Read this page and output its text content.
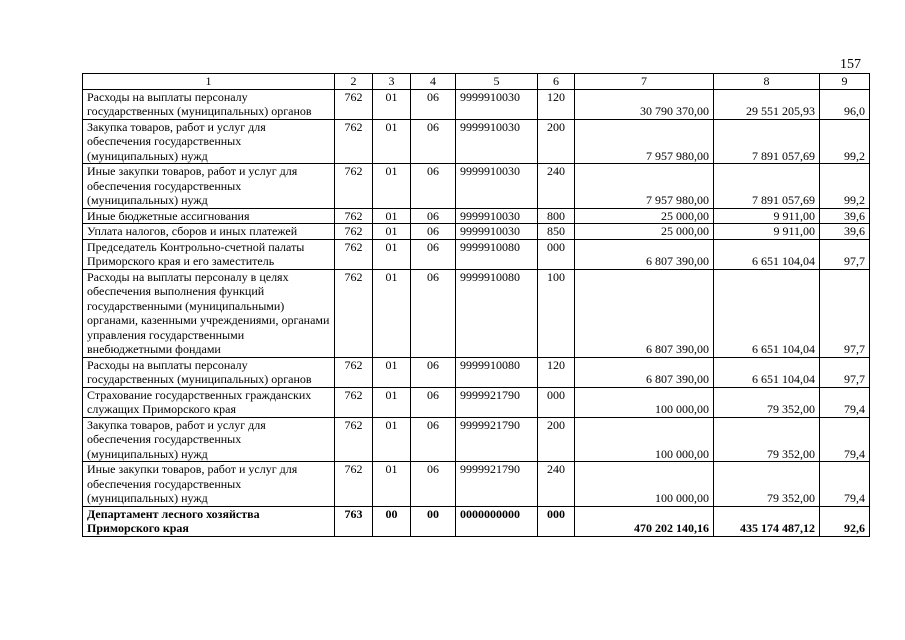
157
1	2	3	4	5	6	7	8	9
Расходы на выплаты персоналу государственных (муниципальных) органов	762	01	06	9999910030	120	30 790 370,00	29 551 205,93	96,0
Закупка товаров, работ и услуг для обеспечения государственных (муниципальных) нужд	762	01	06	9999910030	200	7 957 980,00	7 891 057,69	99,2
Иные закупки товаров, работ и услуг для обеспечения государственных (муниципальных) нужд	762	01	06	9999910030	240	7 957 980,00	7 891 057,69	99,2
Иные бюджетные ассигнования	762	01	06	9999910030	800	25 000,00	9 911,00	39,6
Уплата налогов, сборов и иных платежей	762	01	06	9999910030	850	25 000,00	9 911,00	39,6
Председатель Контрольно-счетной палаты Приморского края и его заместитель	762	01	06	9999910080	000	6 807 390,00	6 651 104,04	97,7
Расходы на выплаты персоналу в целях обеспечения выполнения функций государственными (муниципальными) органами, казенными учреждениями, органами управления государственными внебюджетными фондами	762	01	06	9999910080	100	6 807 390,00	6 651 104,04	97,7
Расходы на выплаты персоналу государственных (муниципальных) органов	762	01	06	9999910080	120	6 807 390,00	6 651 104,04	97,7
Страхование государственных гражданских служащих Приморского края	762	01	06	9999921790	000	100 000,00	79 352,00	79,4
Закупка товаров, работ и услуг для обеспечения государственных (муниципальных) нужд	762	01	06	9999921790	200	100 000,00	79 352,00	79,4
Иные закупки товаров, работ и услуг для обеспечения государственных (муниципальных) нужд	762	01	06	9999921790	240	100 000,00	79 352,00	79,4
Департамент лесного хозяйства Приморского края	763	00	00	0000000000	000	470 202 140,16	435 174 487,12	92,6
